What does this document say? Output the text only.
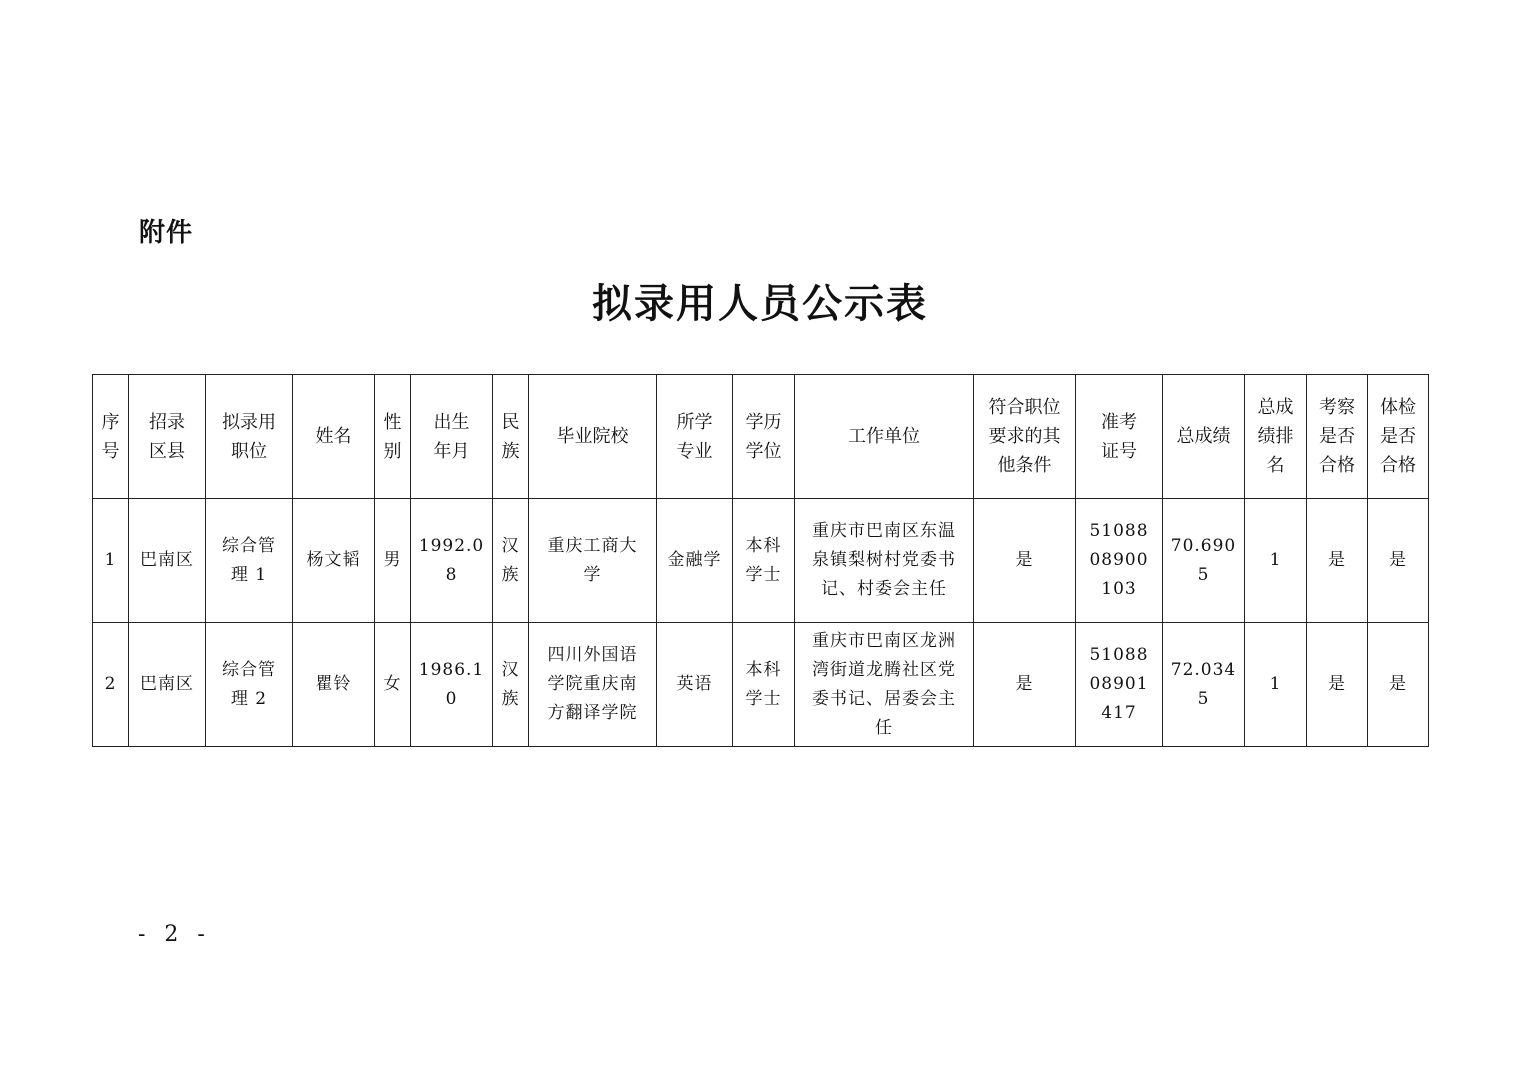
附件
拟录用人员公示表
序号	招录区县	拟录用职位	姓名	性别	出生年月	民族	毕业院校	所学专业	学历学位	工作单位	符合职位要求的其他条件	准考证号	总成绩	总成绩排名	考察是否合格	体检是否合格
1	巴南区	综合管理 1	杨文韬	男	1992.08	汉族	重庆工商大学	金融学	本科学士	重庆市巴南区东温泉镇梨树村党委书记、村委会主任	是	5108808900103	70.6905	1	是	是
2	巴南区	综合管理 2	瞿铃	女	1986.10	汉族	四川外国语学院重庆南方翻译学院	英语	本科学士	重庆市巴南区龙洲湾街道龙腾社区党委书记、居委会主任	是	5108808901417	72.0345	1	是	是
- 2 -
